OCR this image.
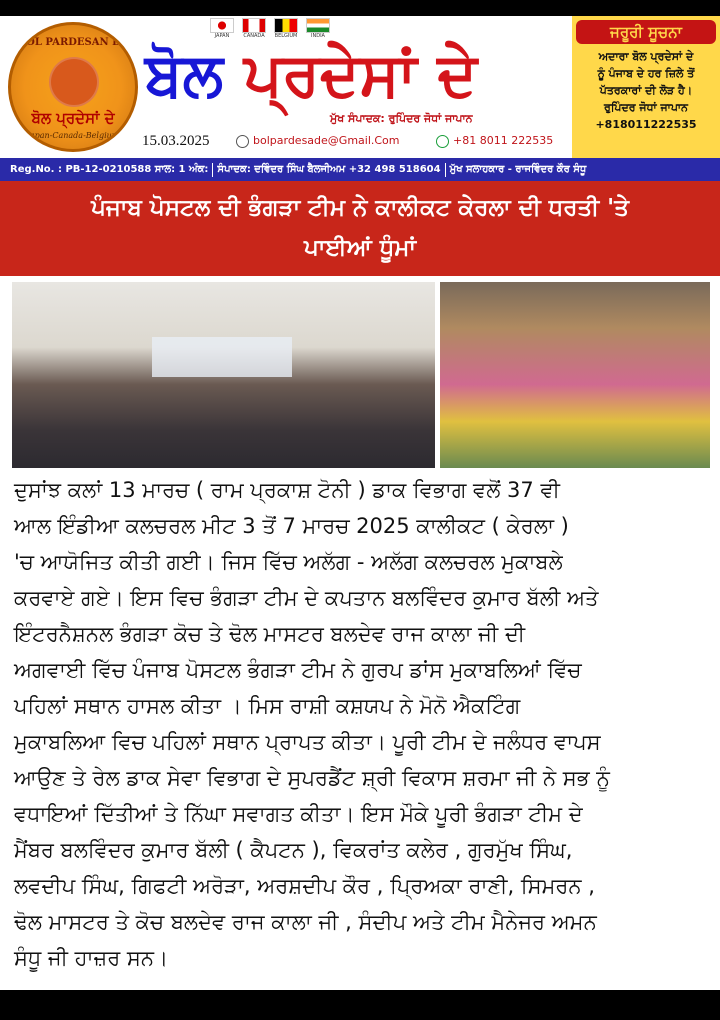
BOL PARDESAN DE
ਬੋਲ ਪ੍ਰਦੇਸਾਂ ਦੇ
Japan-Canada-Belgium
JAPAN	CANADA BELGIUM	INDIA
ਬੋਲ ਪ੍ਰਦੇਸਾਂ ਦੇ
ਮੁੱਖ ਸੰਪਾਦਕ: ਰੁਪਿੰਦਰ ਜੋਧਾਂ ਜਾਪਾਨ
15.03.2025	bolpardesade@Gmail.Com	+81 8011 222535
ਜਰੂਰੀ ਸੂਚਨਾ
ਅਦਾਰਾ ਬੋਲ ਪ੍ਰਦੇਸਾਂ ਦੇ
ਨੂੰ ਪੰਜਾਬ ਦੇ ਹਰ ਜ਼ਿਲੇ ਤੋਂ
ਪੱਤਰਕਾਰਾਂ ਦੀ ਲੋੜ ਹੈ।
ਰੁਪਿੰਦਰ ਜੋਧਾਂ ਜਾਪਾਨ
+818011222535
Reg.No. : PB-12-0210588 ਸਾਲ: 1 ਅੰਕ: ਸੰਪਾਦਕ: ਦਵਿੰਦਰ ਸਿੰਘ ਬੈਲਜੀਅਮ +32 498 518604 ਮੁੱਖ ਸਲਾਹਕਾਰ - ਰਾਜਵਿੰਦਰ ਕੌਰ ਸੰਧੂ
ਪੰਜਾਬ ਪੋਸਟਲ ਦੀ ਭੰਗੜਾ ਟੀਮ ਨੇ ਕਾਲੀਕਟ ਕੇਰਲਾ ਦੀ ਧਰਤੀ 'ਤੇ
ਪਾਈਆਂ ਧੂੰਮਾਂ
ਦੁਸਾਂਝ ਕਲਾਂ 13 ਮਾਰਚ ( ਰਾਮ ਪ੍ਰਕਾਸ਼ ਟੋਨੀ ) ਡਾਕ ਵਿਭਾਗ ਵਲੋਂ 37 ਵੀ
ਆਲ ਇੰਡੀਆ ਕਲਚਰਲ ਮੀਟ 3 ਤੋਂ 7 ਮਾਰਚ 2025 ਕਾਲੀਕਟ ( ਕੇਰਲਾ )
'ਚ ਆਯੋਜਿਤ ਕੀਤੀ ਗਈ। ਜਿਸ ਵਿੱਚ ਅਲੱਗ - ਅਲੱਗ ਕਲਚਰਲ ਮੁਕਾਬਲੇ
ਕਰਵਾਏ ਗਏ। ਇਸ ਵਿਚ ਭੰਗੜਾ ਟੀਮ ਦੇ ਕਪਤਾਨ ਬਲਵਿੰਦਰ ਕੁਮਾਰ ਬੱਲੀ ਅਤੇ
ਇੰਟਰਨੈਸ਼ਨਲ ਭੰਗੜਾ ਕੋਚ ਤੇ ਢੋਲ ਮਾਸਟਰ ਬਲਦੇਵ ਰਾਜ ਕਾਲਾ ਜੀ ਦੀ
ਅਗਵਾਈ ਵਿੱਚ ਪੰਜਾਬ ਪੋਸਟਲ ਭੰਗੜਾ ਟੀਮ ਨੇ ਗੁਰਪ ਡਾਂਸ ਮੁਕਾਬਲਿਆਂ ਵਿੱਚ
ਪਹਿਲਾਂ ਸਥਾਨ ਹਾਸਲ ਕੀਤਾ । ਮਿਸ ਰਾਸ਼ੀ ਕਸ਼ਯਪ ਨੇ ਮੋਨੋ ਐਕਟਿੰਗ
ਮੁਕਾਬਲਿਆ ਵਿਚ ਪਹਿਲਾਂ ਸਥਾਨ ਪ੍ਰਾਪਤ ਕੀਤਾ। ਪੂਰੀ ਟੀਮ ਦੇ ਜਲੰਧਰ ਵਾਪਸ
ਆਉਣ ਤੇ ਰੇਲ ਡਾਕ ਸੇਵਾ ਵਿਭਾਗ ਦੇ ਸੁਪਰਡੈਂਟ ਸ਼੍ਰੀ ਵਿਕਾਸ ਸ਼ਰਮਾ ਜੀ ਨੇ ਸਭ ਨੂੰ
ਵਧਾਇਆਂ ਦਿੱਤੀਆਂ ਤੇ ਨਿੱਘਾ ਸਵਾਗਤ ਕੀਤਾ। ਇਸ ਮੌਕੇ ਪੂਰੀ ਭੰਗੜਾ ਟੀਮ ਦੇ
ਮੈਂਬਰ ਬਲਵਿੰਦਰ ਕੁਮਾਰ ਬੱਲੀ ( ਕੈਪਟਨ ), ਵਿਕਰਾਂਤ ਕਲੇਰ , ਗੁਰਮੁੱਖ ਸਿੰਘ,
ਲਵਦੀਪ ਸਿੰਘ, ਗਿਫਟੀ ਅਰੋੜਾ, ਅਰਸ਼ਦੀਪ ਕੌਰ , ਪ੍ਰਿਅਕਾ ਰਾਣੀ, ਸਿਮਰਨ ,
ਢੋਲ ਮਾਸਟਰ ਤੇ ਕੋਚ ਬਲਦੇਵ ਰਾਜ ਕਾਲਾ ਜੀ , ਸੰਦੀਪ ਅਤੇ ਟੀਮ ਮੈਨੇਜਰ ਅਮਨ
ਸੰਧੂ ਜੀ ਹਾਜ਼ਰ ਸਨ।
